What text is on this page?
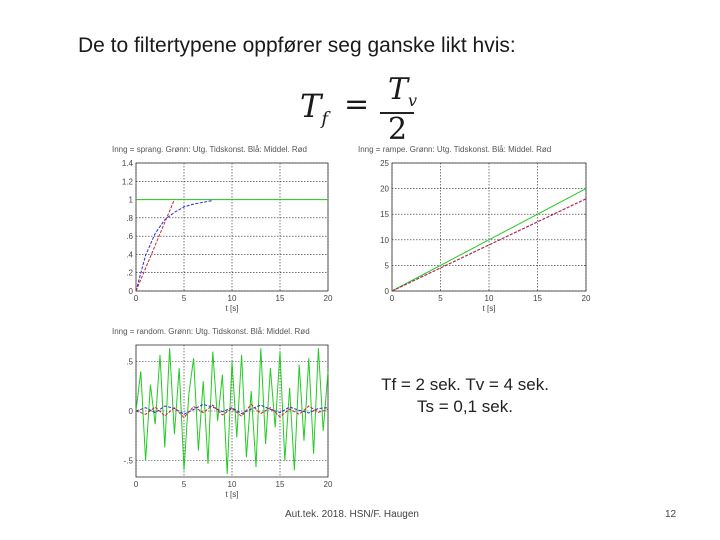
De to filtertypene oppfører seg ganske likt hvis:
$T_f = T_v$
2
Inng = sprang. Grønn: Utg. Tidskonst. Blå: Middel. Rød
0	5	10	15	20
0
.2
.4
.6
.8
1
1.2
1.4
t [s]
Inng = rampe. Grønn: Utg. Tidskonst. Blå: Middel. Rød
0	5	10	15	20
0
5
10
15
20
25
t [s]
Inng = random. Grønn: Utg. Tidskonst. Blå: Middel. Rød
0	5	10	15	20
.5
0
-.5
t [s]
Tf = 2 sek. Tv = 4 sek.
Ts = 0,1 sek.
Aut.tek. 2018. HSN/F. Haugen	12
